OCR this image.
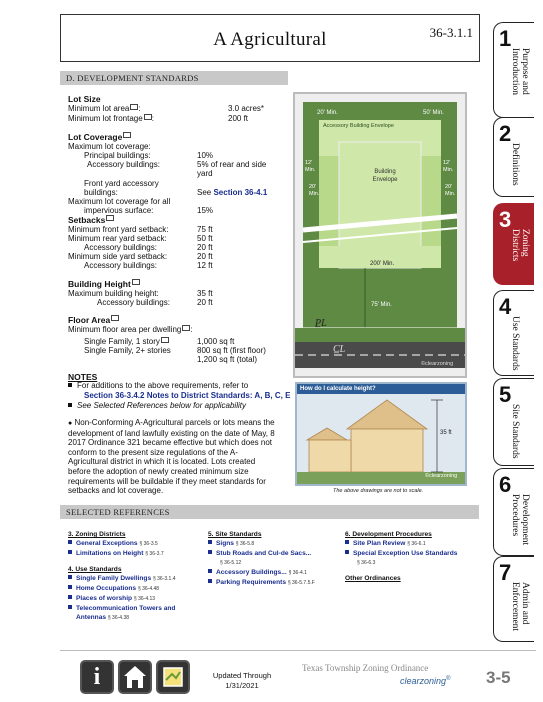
A Agricultural	36-3.1.1
D. DEVELOPMENT STANDARDS
Lot Size
Minimum lot area :	3.0 acres*
Minimum lot frontage :	200 ft
Lot Coverage
Maximum lot coverage:
Principal buildings:	10%
Accessory buildings:	5% of rear and side
yard
Front yard accessory
buildings:	See Section 36-4.1
Maximum lot coverage for all
impervious surface:	15%
Setbacks
Minimum front yard setback:	75 ft
Minimum rear yard setback:	50 ft
Accessory buildings:	20 ft
Minimum side yard setback:	20 ft
Accessory buildings:	12 ft
Building Height
Maximum building height:	35 ft
Accessory buildings:	20 ft
Floor Area
Minimum floor area per dwelling :
Single Family, 1 story	1,000 sq ft
Single Family, 2+ stories	800 sq ft (first floor)
1,200 sq ft (total)
NOTES
For additions to the above requirements, refer to
Section 36-3.4.2 Notes to District Standards: A, B, C, E
See Selected References below for applicability
● Non-Conforming A-Agricultural parcels or lots means the
development of land lawfully existing on the date of May, 8
2017 Ordinance 321 became effective but which does not
conform to the present size regulations of the A-
Agricultural district in which it is located. Lots created
before the adoption of newly created minimum size
requirements will be buildable if they meet standards for
setbacks and lot coverage.
20' Min.	50' Min.
Accessory Building Envelope
12' Min.
12' Min.
Building Envelope
20' Min.
20' Min.
200' Min.
75' Min.
P̲L
C̲L
©clearzoning
How do I calculate height?
35 ft
©clearzoning
The above drawings are not to scale.
SELECTED REFERENCES
3. Zoning Districts
General Exceptions § 36-3.5
Limitations on Height § 36-3.7
4. Use Standards
Single Family Dwellings § 36-3.1.4
Home Occupations § 36-4.48
Places of worship § 36-4.13
Telecommunication Towers and
Antennas § 36-4.38
5. Site Standards
Signs § 36-5.8
Stub Roads and Cul-de Sacs...
§ 36-5.12
Accessory Buildings... § 36-4.1
Parking Requirements § 36-5.7.5.F
6. Development Procedures
Site Plan Review § 36-6.1
Special Exception Use Standards
§ 36-6.3
Other Ordinances
1
Purpose and Introduction
2
Definitions
3
Zoning Districts
4
Use Standards
5
Site Standards
6
Development Procedures
7
Admin and Enforcement
i	Updated Through
1/31/2021
Texas Township Zoning Ordinance
clearzoning® 3-5
